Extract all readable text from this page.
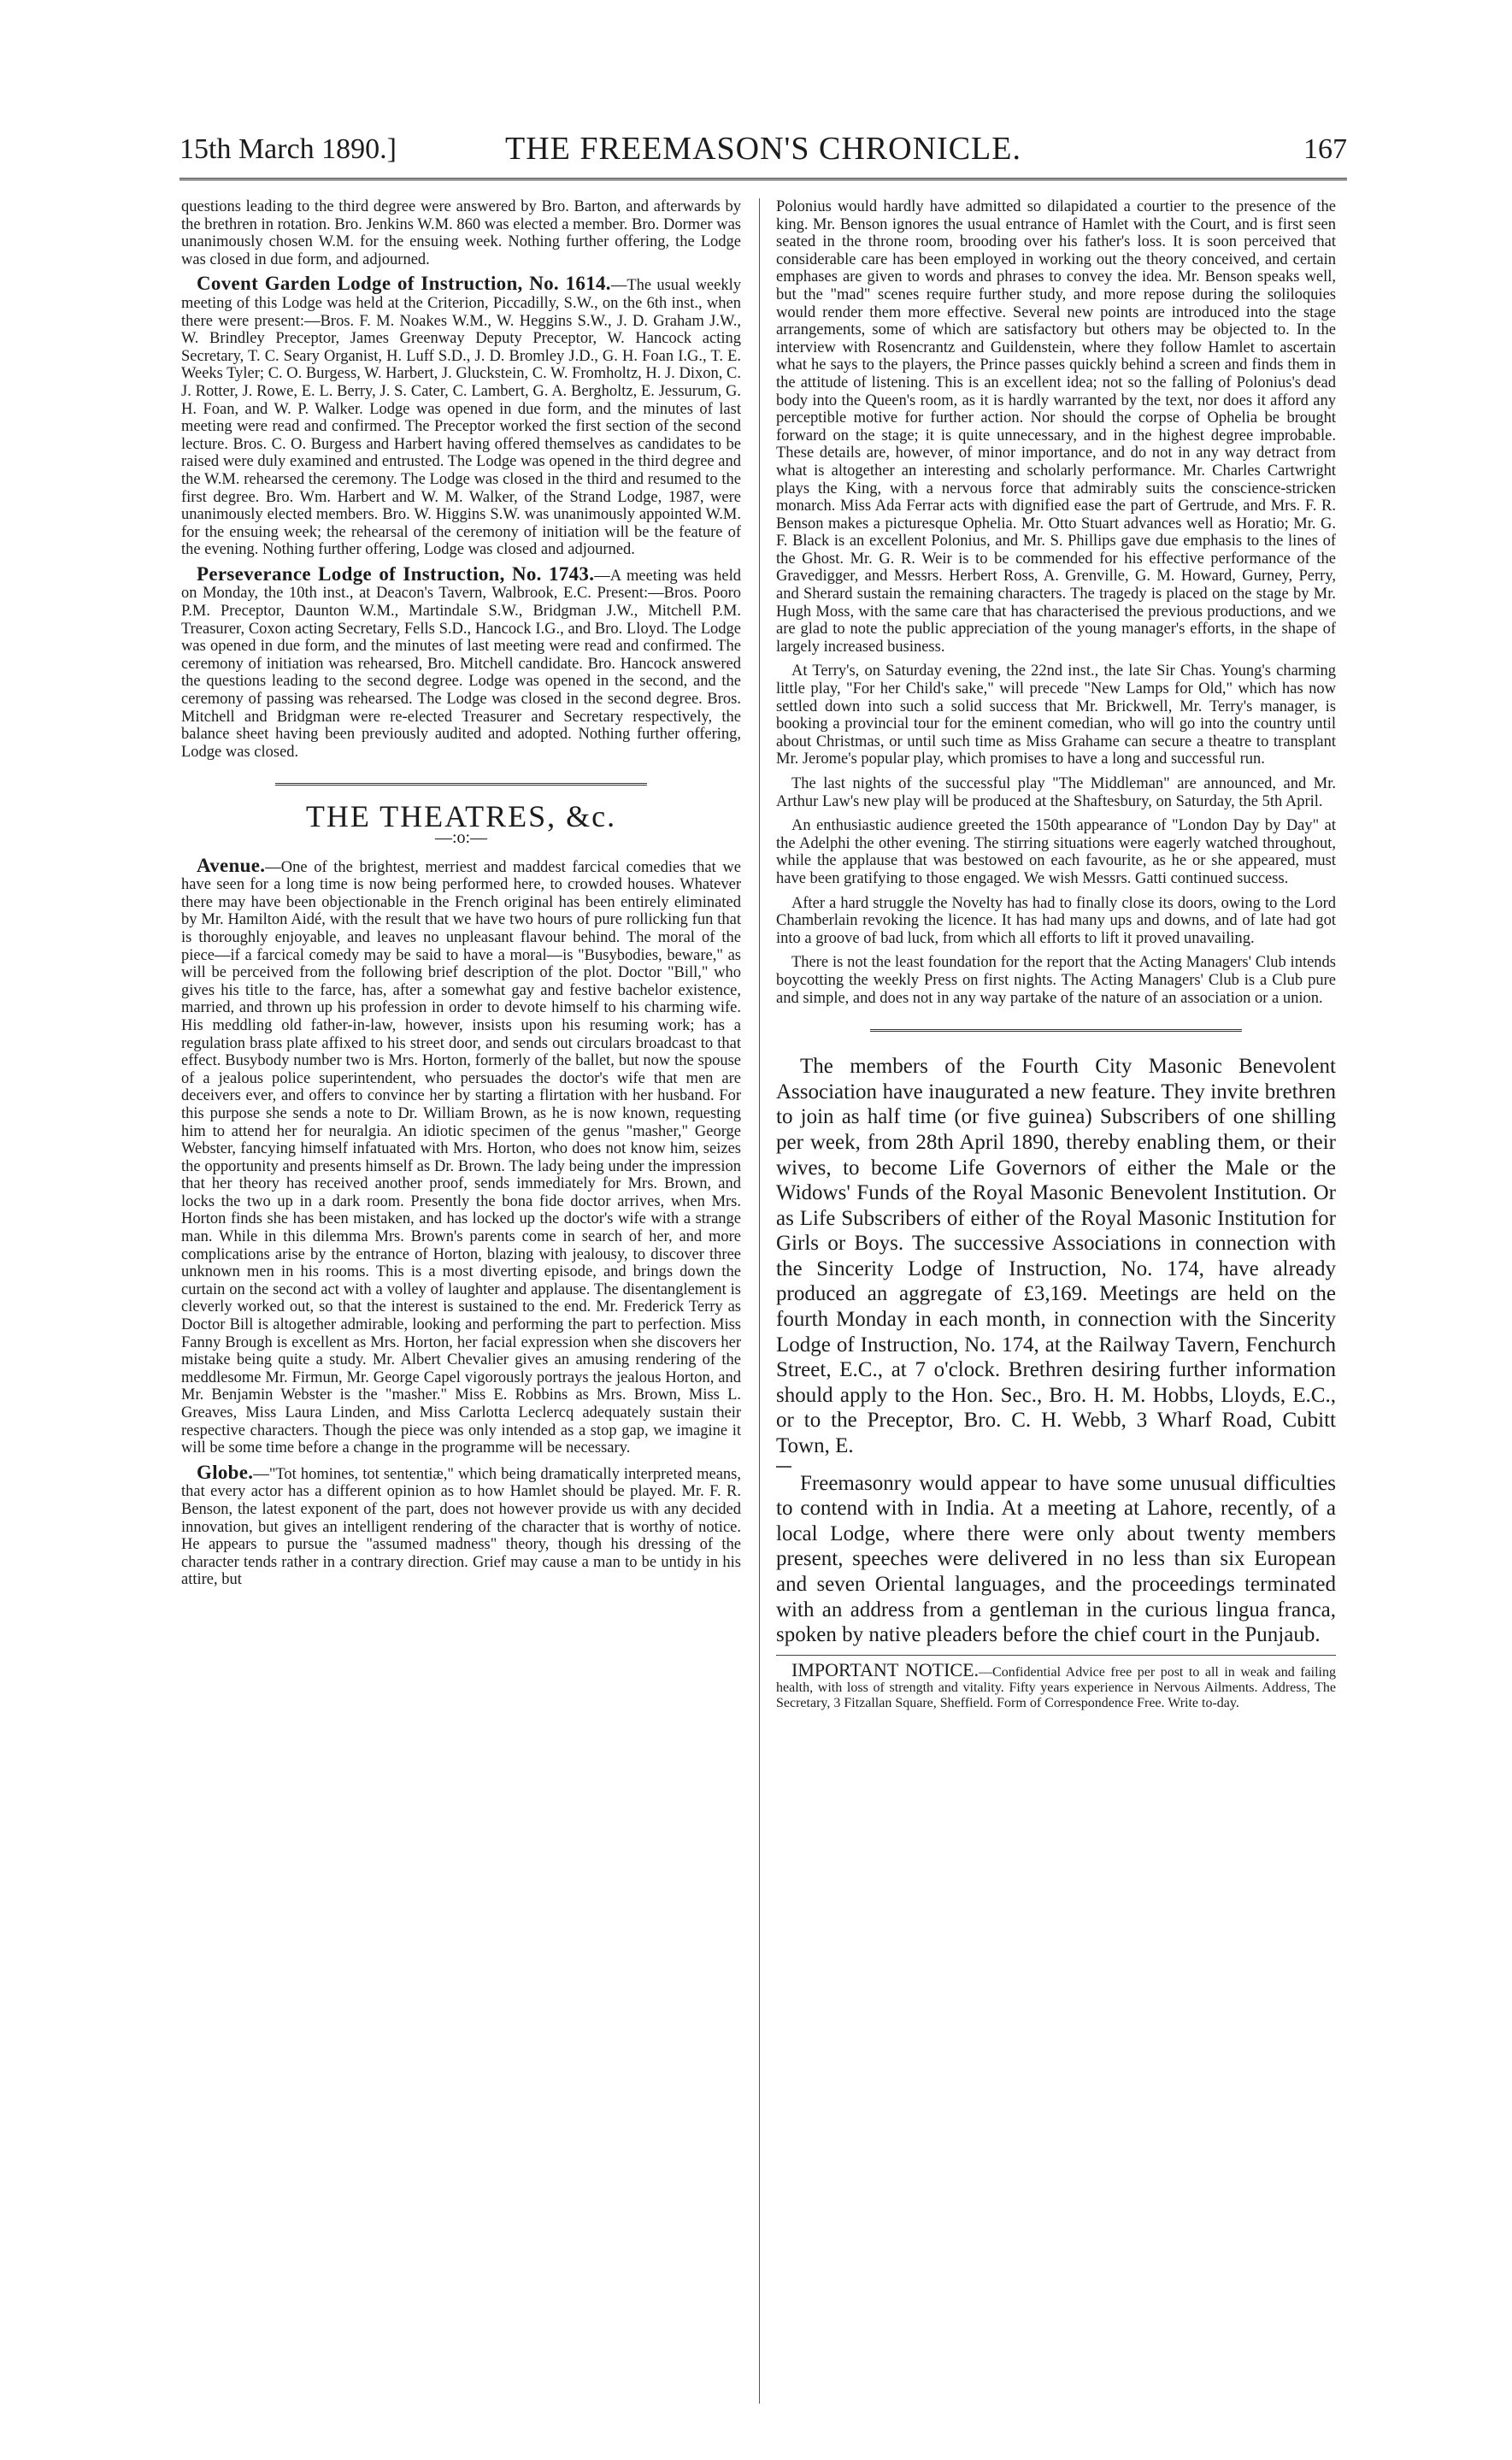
15th March 1890.]	THE FREEMASON'S CHRONICLE.	167

questions leading to the third degree were answered by Bro. Barton, and afterwards by the brethren in rotation. Bro. Jenkins W.M. 860 was elected a member. Bro. Dormer was unanimously chosen W.M. for the ensuing week. Nothing further offering, the Lodge was closed in due form, and adjourned.

Covent Garden Lodge of Instruction, No. 1614.—The usual weekly meeting of this Lodge was held at the Criterion, Piccadilly, S.W., on the 6th inst., when there were present:—Bros. F. M. Noakes W.M., W. Heggins S.W., J. D. Graham J.W., W. Brindley Preceptor, James Greenway Deputy Preceptor, W. Hancock acting Secretary, T. C. Seary Organist, H. Luff S.D., J. D. Bromley J.D., G. H. Foan I.G., T. E. Weeks Tyler; C. O. Burgess, W. Harbert, J. Gluckstein, C. W. Fromholtz, H. J. Dixon, C. J. Rotter, J. Rowe, E. L. Berry, J. S. Cater, C. Lambert, G. A. Bergholtz, E. Jessurum, G. H. Foan, and W. P. Walker. Lodge was opened in due form, and the minutes of last meeting were read and confirmed. The Preceptor worked the first section of the second lecture. Bros. C. O. Burgess and Harbert having offered themselves as candidates to be raised were duly examined and entrusted. The Lodge was opened in the third degree and the W.M. rehearsed the ceremony. The Lodge was closed in the third and resumed to the first degree. Bro. Wm. Harbert and W. M. Walker, of the Strand Lodge, 1987, were unanimously elected members. Bro. W. Higgins S.W. was unanimously appointed W.M. for the ensuing week; the rehearsal of the ceremony of initiation will be the feature of the evening. Nothing further offering, Lodge was closed and adjourned.

Perseverance Lodge of Instruction, No. 1743.—A meeting was held on Monday, the 10th inst., at Deacon's Tavern, Walbrook, E.C. Present:—Bros. Pooro P.M. Preceptor, Daunton W.M., Martindale S.W., Bridgman J.W., Mitchell P.M. Treasurer, Coxon acting Secretary, Fells S.D., Hancock I.G., and Bro. Lloyd. The Lodge was opened in due form, and the minutes of last meeting were read and confirmed. The ceremony of initiation was rehearsed, Bro. Mitchell candidate. Bro. Hancock answered the questions leading to the second degree. Lodge was opened in the second, and the ceremony of passing was rehearsed. The Lodge was closed in the second degree. Bros. Mitchell and Bridgman were re-elected Treasurer and Secretary respectively, the balance sheet having been previously audited and adopted. Nothing further offering, Lodge was closed.

THE THEATRES, &c.
—:o:—

Avenue.—One of the brightest, merriest and maddest farcical comedies that we have seen for a long time is now being performed here, to crowded houses. Whatever there may have been objectionable in the French original has been entirely eliminated by Mr. Hamilton Aidé, with the result that we have two hours of pure rollicking fun that is thoroughly enjoyable, and leaves no unpleasant flavour behind. The moral of the piece—if a farcical comedy may be said to have a moral—is "Busybodies, beware," as will be perceived from the following brief description of the plot. Doctor "Bill," who gives his title to the farce, has, after a somewhat gay and festive bachelor existence, married, and thrown up his profession in order to devote himself to his charming wife. His meddling old father-in-law, however, insists upon his resuming work; has a regulation brass plate affixed to his street door, and sends out circulars broadcast to that effect. Busybody number two is Mrs. Horton, formerly of the ballet, but now the spouse of a jealous police superintendent, who persuades the doctor's wife that men are deceivers ever, and offers to convince her by starting a flirtation with her husband. For this purpose she sends a note to Dr. William Brown, as he is now known, requesting him to attend her for neuralgia. An idiotic specimen of the genus "masher," George Webster, fancying himself infatuated with Mrs. Horton, who does not know him, seizes the opportunity and presents himself as Dr. Brown. The lady being under the impression that her theory has received another proof, sends immediately for Mrs. Brown, and locks the two up in a dark room. Presently the bona fide doctor arrives, when Mrs. Horton finds she has been mistaken, and has locked up the doctor's wife with a strange man. While in this dilemma Mrs. Brown's parents come in search of her, and more complications arise by the entrance of Horton, blazing with jealousy, to discover three unknown men in his rooms. This is a most diverting episode, and brings down the curtain on the second act with a volley of laughter and applause. The disentanglement is cleverly worked out, so that the interest is sustained to the end. Mr. Frederick Terry as Doctor Bill is altogether admirable, looking and performing the part to perfection. Miss Fanny Brough is excellent as Mrs. Horton, her facial expression when she discovers her mistake being quite a study. Mr. Albert Chevalier gives an amusing rendering of the meddlesome Mr. Firmun, Mr. George Capel vigorously portrays the jealous Horton, and Mr. Benjamin Webster is the "masher." Miss E. Robbins as Mrs. Brown, Miss L. Greaves, Miss Laura Linden, and Miss Carlotta Leclercq adequately sustain their respective characters. Though the piece was only intended as a stop gap, we imagine it will be some time before a change in the programme will be necessary.

Globe.—"Tot homines, tot sententiæ," which being dramatically interpreted means, that every actor has a different opinion as to how Hamlet should be played. Mr. F. R. Benson, the latest exponent of the part, does not however provide us with any decided innovation, but gives an intelligent rendering of the character that is worthy of notice. He appears to pursue the "assumed madness" theory, though his dressing of the character tends rather in a contrary direction. Grief may cause a man to be untidy in his attire, but

Polonius would hardly have admitted so dilapidated a courtier to the presence of the king. Mr. Benson ignores the usual entrance of Hamlet with the Court, and is first seen seated in the throne room, brooding over his father's loss. It is soon perceived that considerable care has been employed in working out the theory conceived, and certain emphases are given to words and phrases to convey the idea. Mr. Benson speaks well, but the "mad" scenes require further study, and more repose during the soliloquies would render them more effective. Several new points are introduced into the stage arrangements, some of which are satisfactory but others may be objected to. In the interview with Rosencrantz and Guildenstein, where they follow Hamlet to ascertain what he says to the players, the Prince passes quickly behind a screen and finds them in the attitude of listening. This is an excellent idea; not so the falling of Polonius's dead body into the Queen's room, as it is hardly warranted by the text, nor does it afford any perceptible motive for further action. Nor should the corpse of Ophelia be brought forward on the stage; it is quite unnecessary, and in the highest degree improbable. These details are, however, of minor importance, and do not in any way detract from what is altogether an interesting and scholarly performance. Mr. Charles Cartwright plays the King, with a nervous force that admirably suits the conscience-stricken monarch. Miss Ada Ferrar acts with dignified ease the part of Gertrude, and Mrs. F. R. Benson makes a picturesque Ophelia. Mr. Otto Stuart advances well as Horatio; Mr. G. F. Black is an excellent Polonius, and Mr. S. Phillips gave due emphasis to the lines of the Ghost. Mr. G. R. Weir is to be commended for his effective performance of the Gravedigger, and Messrs. Herbert Ross, A. Grenville, G. M. Howard, Gurney, Perry, and Sherard sustain the remaining characters. The tragedy is placed on the stage by Mr. Hugh Moss, with the same care that has characterised the previous productions, and we are glad to note the public appreciation of the young manager's efforts, in the shape of largely increased business.

At Terry's, on Saturday evening, the 22nd inst., the late Sir Chas. Young's charming little play, "For her Child's sake," will precede "New Lamps for Old," which has now settled down into such a solid success that Mr. Brickwell, Mr. Terry's manager, is booking a provincial tour for the eminent comedian, who will go into the country until about Christmas, or until such time as Miss Grahame can secure a theatre to transplant Mr. Jerome's popular play, which promises to have a long and successful run.

The last nights of the successful play "The Middleman" are announced, and Mr. Arthur Law's new play will be produced at the Shaftesbury, on Saturday, the 5th April.

An enthusiastic audience greeted the 150th appearance of "London Day by Day" at the Adelphi the other evening. The stirring situations were eagerly watched throughout, while the applause that was bestowed on each favourite, as he or she appeared, must have been gratifying to those engaged. We wish Messrs. Gatti continued success.

After a hard struggle the Novelty has had to finally close its doors, owing to the Lord Chamberlain revoking the licence. It has had many ups and downs, and of late had got into a groove of bad luck, from which all efforts to lift it proved unavailing.

There is not the least foundation for the report that the Acting Managers' Club intends boycotting the weekly Press on first nights. The Acting Managers' Club is a Club pure and simple, and does not in any way partake of the nature of an association or a union.

The members of the Fourth City Masonic Benevolent Association have inaugurated a new feature. They invite brethren to join as half time (or five guinea) Subscribers of one shilling per week, from 28th April 1890, thereby enabling them, or their wives, to become Life Governors of either the Male or the Widows' Funds of the Royal Masonic Benevolent Institution. Or as Life Subscribers of either of the Royal Masonic Institution for Girls or Boys. The successive Associations in connection with the Sincerity Lodge of Instruction, No. 174, have already produced an aggregate of £3,169. Meetings are held on the fourth Monday in each month, in connection with the Sincerity Lodge of Instruction, No. 174, at the Railway Tavern, Fenchurch Street, E.C., at 7 o'clock. Brethren desiring further information should apply to the Hon. Sec., Bro. H. M. Hobbs, Lloyds, E.C., or to the Preceptor, Bro. C. H. Webb, 3 Wharf Road, Cubitt Town, E.

Freemasonry would appear to have some unusual difficulties to contend with in India. At a meeting at Lahore, recently, of a local Lodge, where there were only about twenty members present, speeches were delivered in no less than six European and seven Oriental languages, and the proceedings terminated with an address from a gentleman in the curious lingua franca, spoken by native pleaders before the chief court in the Punjaub.

IMPORTANT NOTICE.—Confidential Advice free per post to all in weak and failing health, with loss of strength and vitality. Fifty years experience in Nervous Ailments. Address, The Secretary, 3 Fitzallan Square, Sheffield. Form of Correspondence Free. Write to-day.
